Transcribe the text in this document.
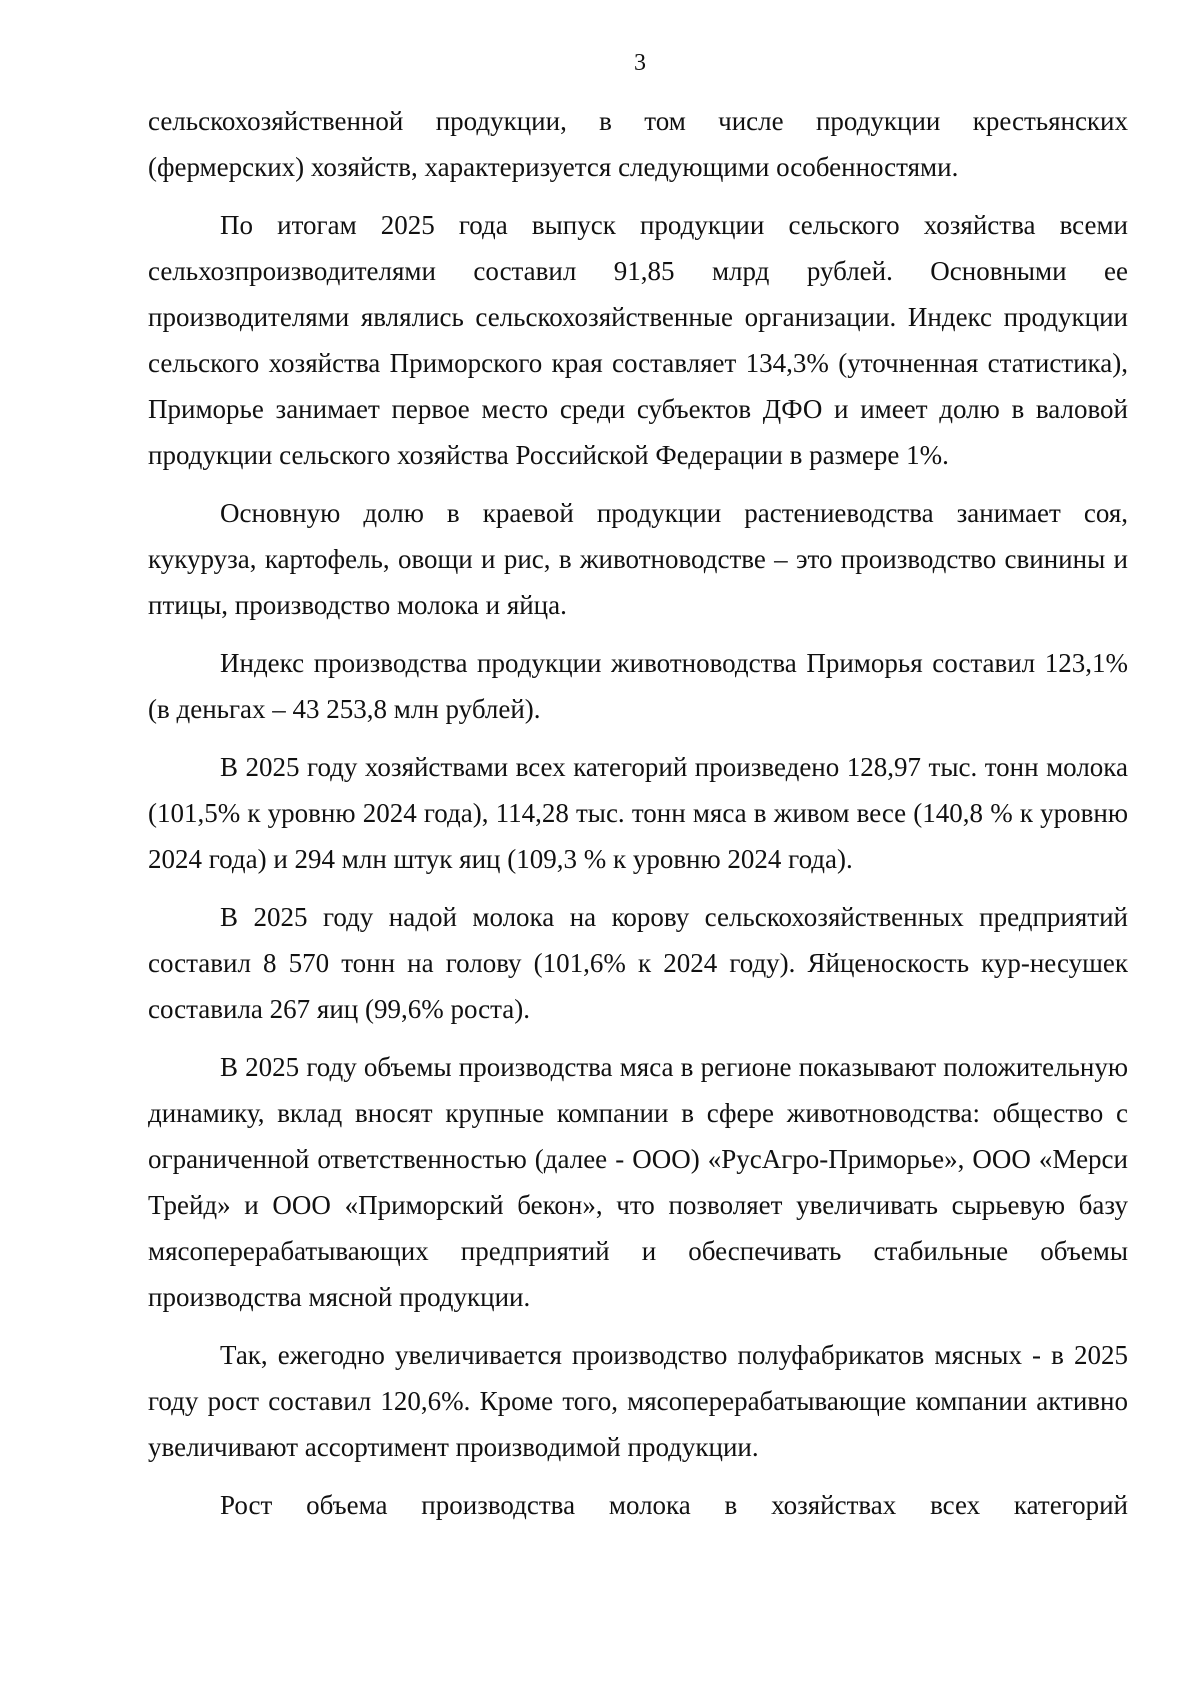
3

сельскохозяйственной продукции, в том числе продукции крестьянских (фермерских) хозяйств, характеризуется следующими особенностями.

По итогам 2025 года выпуск продукции сельского хозяйства всеми сельхозпроизводителями составил 91,85 млрд рублей. Основными ее производителями являлись сельскохозяйственные организации. Индекс продукции сельского хозяйства Приморского края составляет 134,3% (уточненная статистика), Приморье занимает первое место среди субъектов ДФО и имеет долю в валовой продукции сельского хозяйства Российской Федерации в размере 1%.

Основную долю в краевой продукции растениеводства занимает соя, кукуруза, картофель, овощи и рис, в животноводстве – это производство свинины и птицы, производство молока и яйца.

Индекс производства продукции животноводства Приморья составил 123,1% (в деньгах – 43 253,8 млн рублей).

В 2025 году хозяйствами всех категорий произведено 128,97 тыс. тонн молока (101,5% к уровню 2024 года), 114,28 тыс. тонн мяса в живом весе (140,8 % к уровню 2024 года) и 294 млн штук яиц (109,3 % к уровню 2024 года).

В 2025 году надой молока на корову сельскохозяйственных предприятий составил 8 570 тонн на голову (101,6% к 2024 году). Яйценоскость кур-несушек составила 267 яиц (99,6% роста).

В 2025 году объемы производства мяса в регионе показывают положительную динамику, вклад вносят крупные компании в сфере животноводства: общество с ограниченной ответственностью (далее - ООО) «РусАгро-Приморье», ООО «Мерси Трейд» и ООО «Приморский бекон», что позволяет увеличивать сырьевую базу мясоперерабатывающих предприятий и обеспечивать стабильные объемы производства мясной продукции.

Так, ежегодно увеличивается производство полуфабрикатов мясных - в 2025 году рост составил 120,6%. Кроме того, мясоперерабатывающие компании активно увеличивают ассортимент производимой продукции.

Рост объема производства молока в хозяйствах всех категорий
